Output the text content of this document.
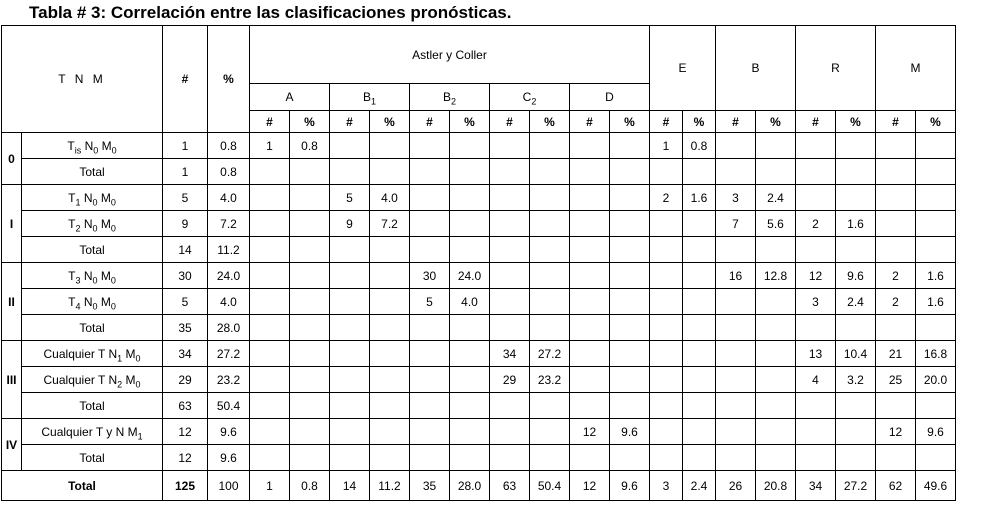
Tabla # 3: Correlación entre las clasificaciones pronósticas.
T N M		#	%	Astler y Coller										E		B		R		M	
				A		$B_1$		$B_2$		$C_2$		D									
				#	%	#	%	#	%	#	%	#	%	#	%	#	%	#	%	#	%
0	$T_{is}$ $N_0$ $M_0$	1	0.8	1	0.8									1	0.8						
	Total	1	0.8																		
I	$T_1$ $N_0$ $M_0$	5	4.0			5	4.0							2	1.6	3	2.4				
	$T_2$ $N_0$ $M_0$	9	7.2			9	7.2									7	5.6	2	1.6		
	Total	14	11.2																		
II	$T_3$ $N_0$ $M_0$	30	24.0					30	24.0							16	12.8	12	9.6	2	1.6
	$T_4$ $N_0$ $M_0$	5	4.0					5	4.0									3	2.4	2	1.6
	Total	35	28.0																		
III	Cualquier T $N_1$ $M_0$	34	27.2							34	27.2							13	10.4	21	16.8
	Cualquier T $N_2$ $M_0$	29	23.2							29	23.2							4	3.2	25	20.0
	Total	63	50.4																		
IV	Cualquier T y N $M_1$	12	9.6									12	9.6							12	9.6
	Total	12	9.6																		
Total		125	100	1	0.8	14	11.2	35	28.0	63	50.4	12	9.6	3	2.4	26	20.8	34	27.2	62	49.6
